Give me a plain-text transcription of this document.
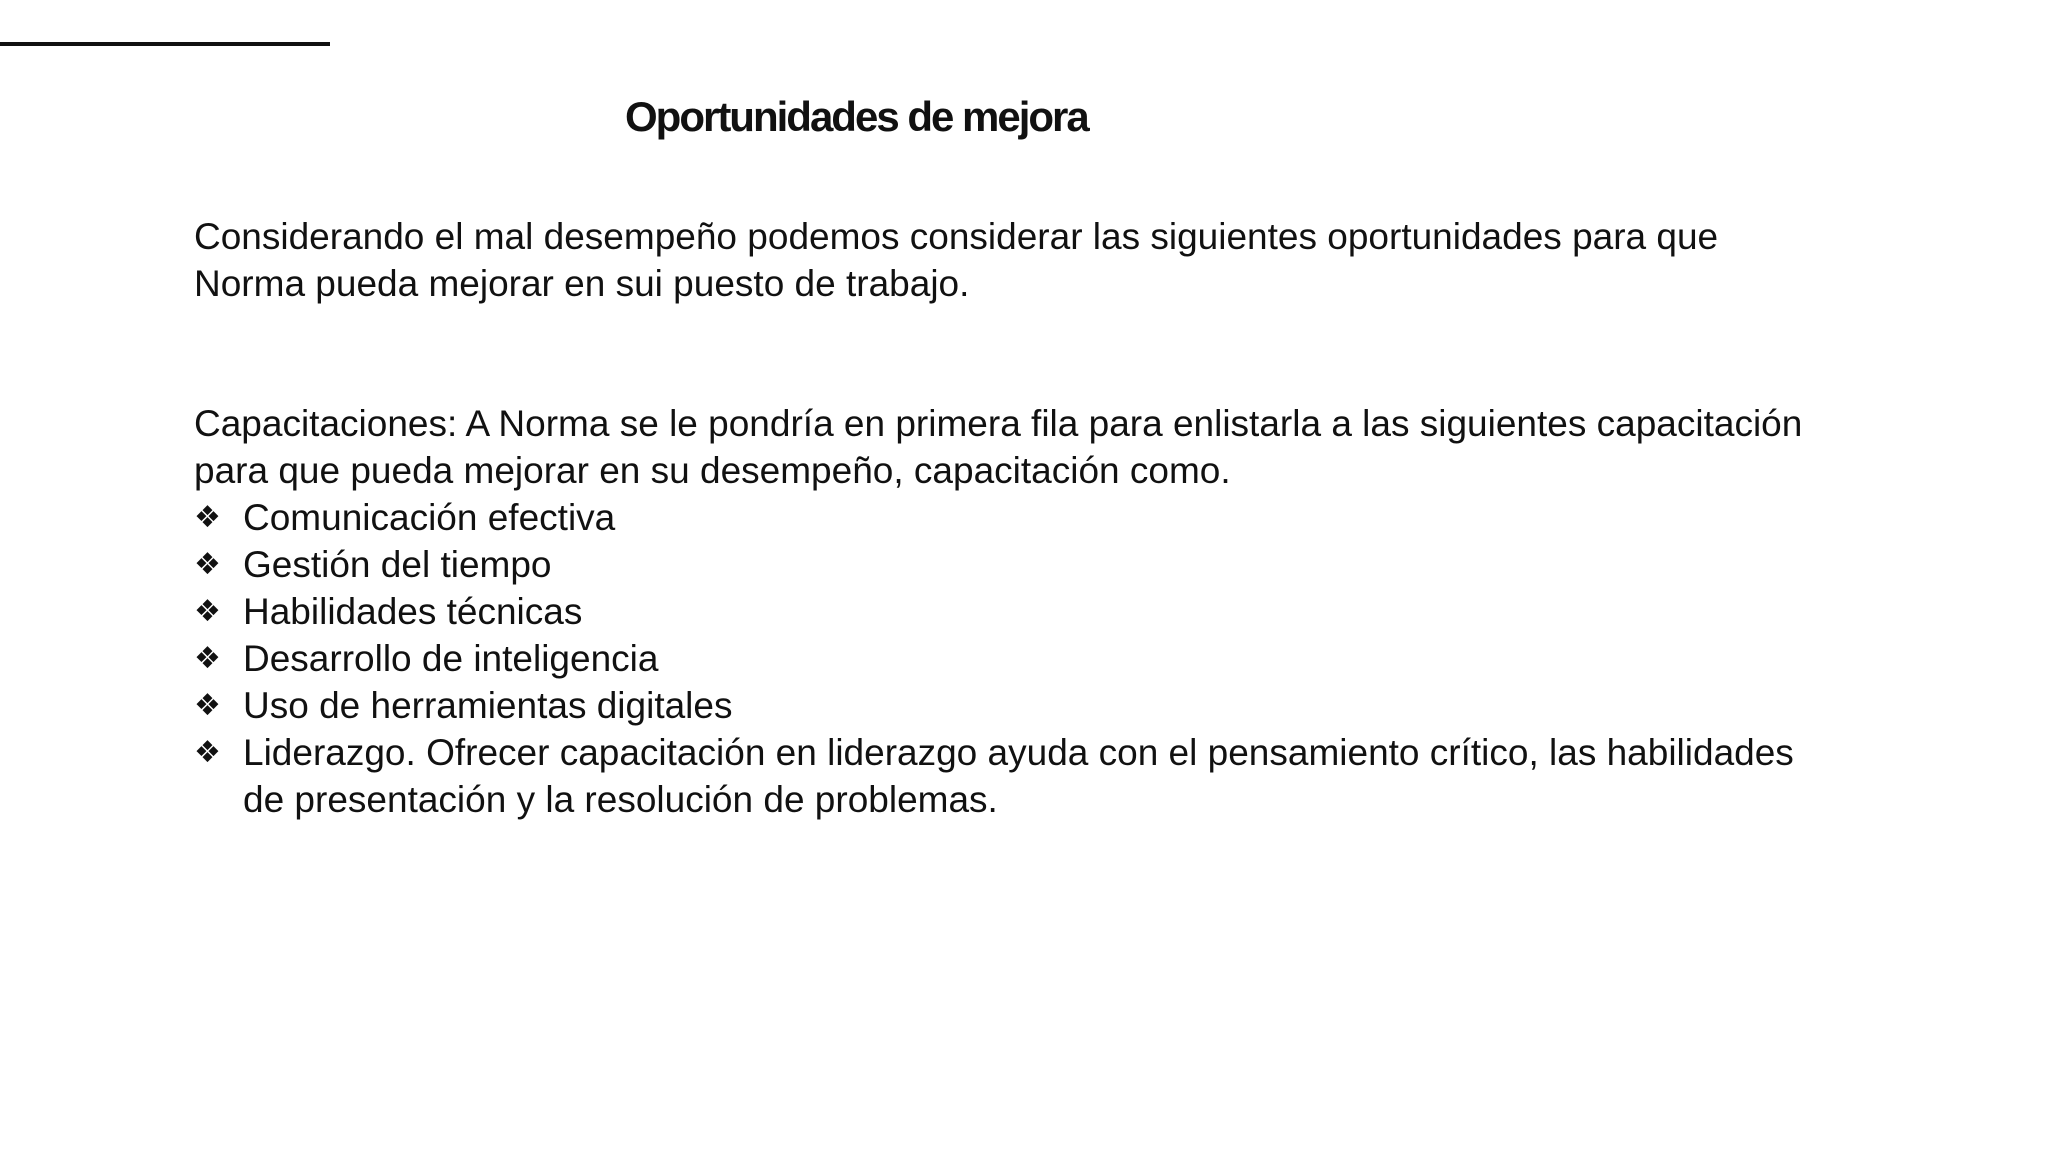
Oportunidades de mejora

Considerando el mal desempeño podemos considerar las siguientes oportunidades para que Norma pueda mejorar en sui puesto de trabajo.

Capacitaciones: A Norma se le pondría en primera fila para enlistarla a las siguientes capacitación para que pueda mejorar en su desempeño, capacitación como.

❖ Comunicación efectiva
❖ Gestión del tiempo
❖ Habilidades técnicas
❖ Desarrollo de inteligencia
❖ Uso de herramientas digitales
❖ Liderazgo. Ofrecer capacitación en liderazgo ayuda con el pensamiento crítico, las habilidades de presentación y la resolución de problemas.
